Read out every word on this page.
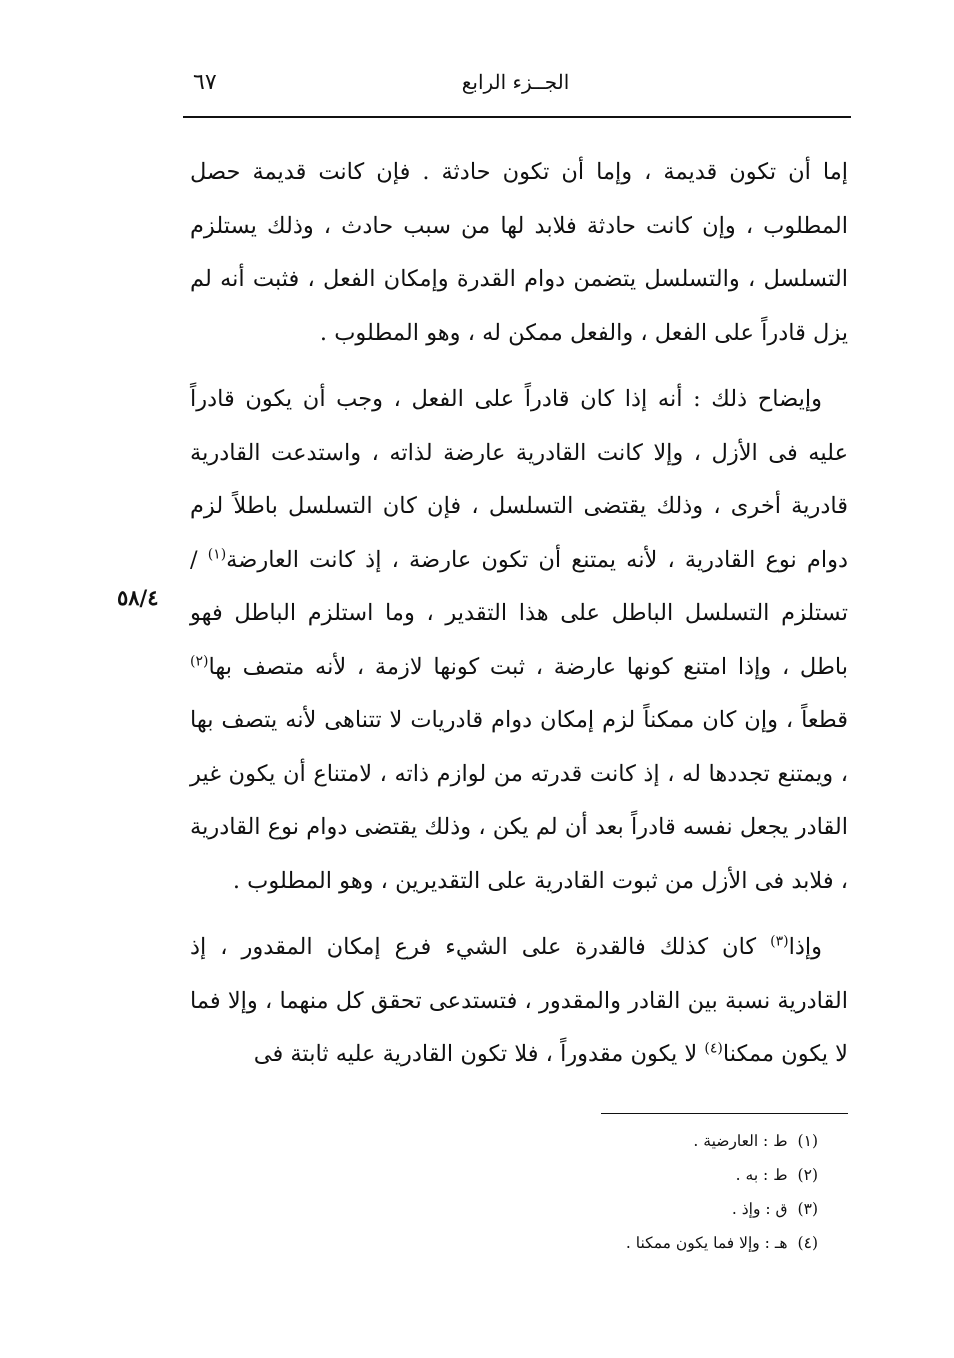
الجــزء الرابع
٦٧
٥٨/٤

إما أن تكون قديمة ، وإما أن تكون حادثة . فإن كانت قديمة حصل المطلوب ، وإن كانت حادثة فلابد لها من سبب حادث ، وذلك يستلزم التسلسل ، والتسلسل يتضمن دوام القدرة وإمكان الفعل ، فثبت أنه لم يزل قادراً على الفعل ، والفعل ممكن له ، وهو المطلوب .

وإيضاح ذلك : أنه إذا كان قادراً على الفعل ، وجب أن يكون قادراً عليه فى الأزل ، وإلا كانت القادرية عارضة لذاته ، واستدعت القادرية قادرية أخرى ، وذلك يقتضى التسلسل ، فإن كان التسلسل باطلاً لزم دوام نوع القادرية ، لأنه يمتنع أن تكون عارضة ، إذ كانت العارضة$^{(١)}$ / تستلزم التسلسل الباطل على هذا التقدير ، وما استلزم الباطل فهو باطل ، وإذا امتنع كونها عارضة ، ثبت كونها لازمة ، لأنه متصف بها$^{(٢)}$ قطعاً ، وإن كان ممكناً لزم إمكان دوام قادريات لا تتناهى لأنه يتصف بها ، ويمتنع تجددها له ، إذ كانت قدرته من لوازم ذاته ، لامتناع أن يكون غير القادر يجعل نفسه قادراً بعد أن لم يكن ، وذلك يقتضى دوام نوع القادرية ، فلابد فى الأزل من ثبوت القادرية على التقديرين ، وهو المطلوب .

وإذا$^{(٣)}$ كان كذلك فالقدرة على الشيء فرع إمكان المقدور ، إذ القادرية نسبة بين القادر والمقدور ، فتستدعى تحقق كل منهما ، وإلا فما لا يكون ممكنا$^{(٤)}$ لا يكون مقدوراً ، فلا تكون القادرية عليه ثابتة فى

(١)ط : العارضية .
(٢)ط : به .
(٣)ق : وإذ .
(٤)هـ : وإلا فما يكون ممكنا .
